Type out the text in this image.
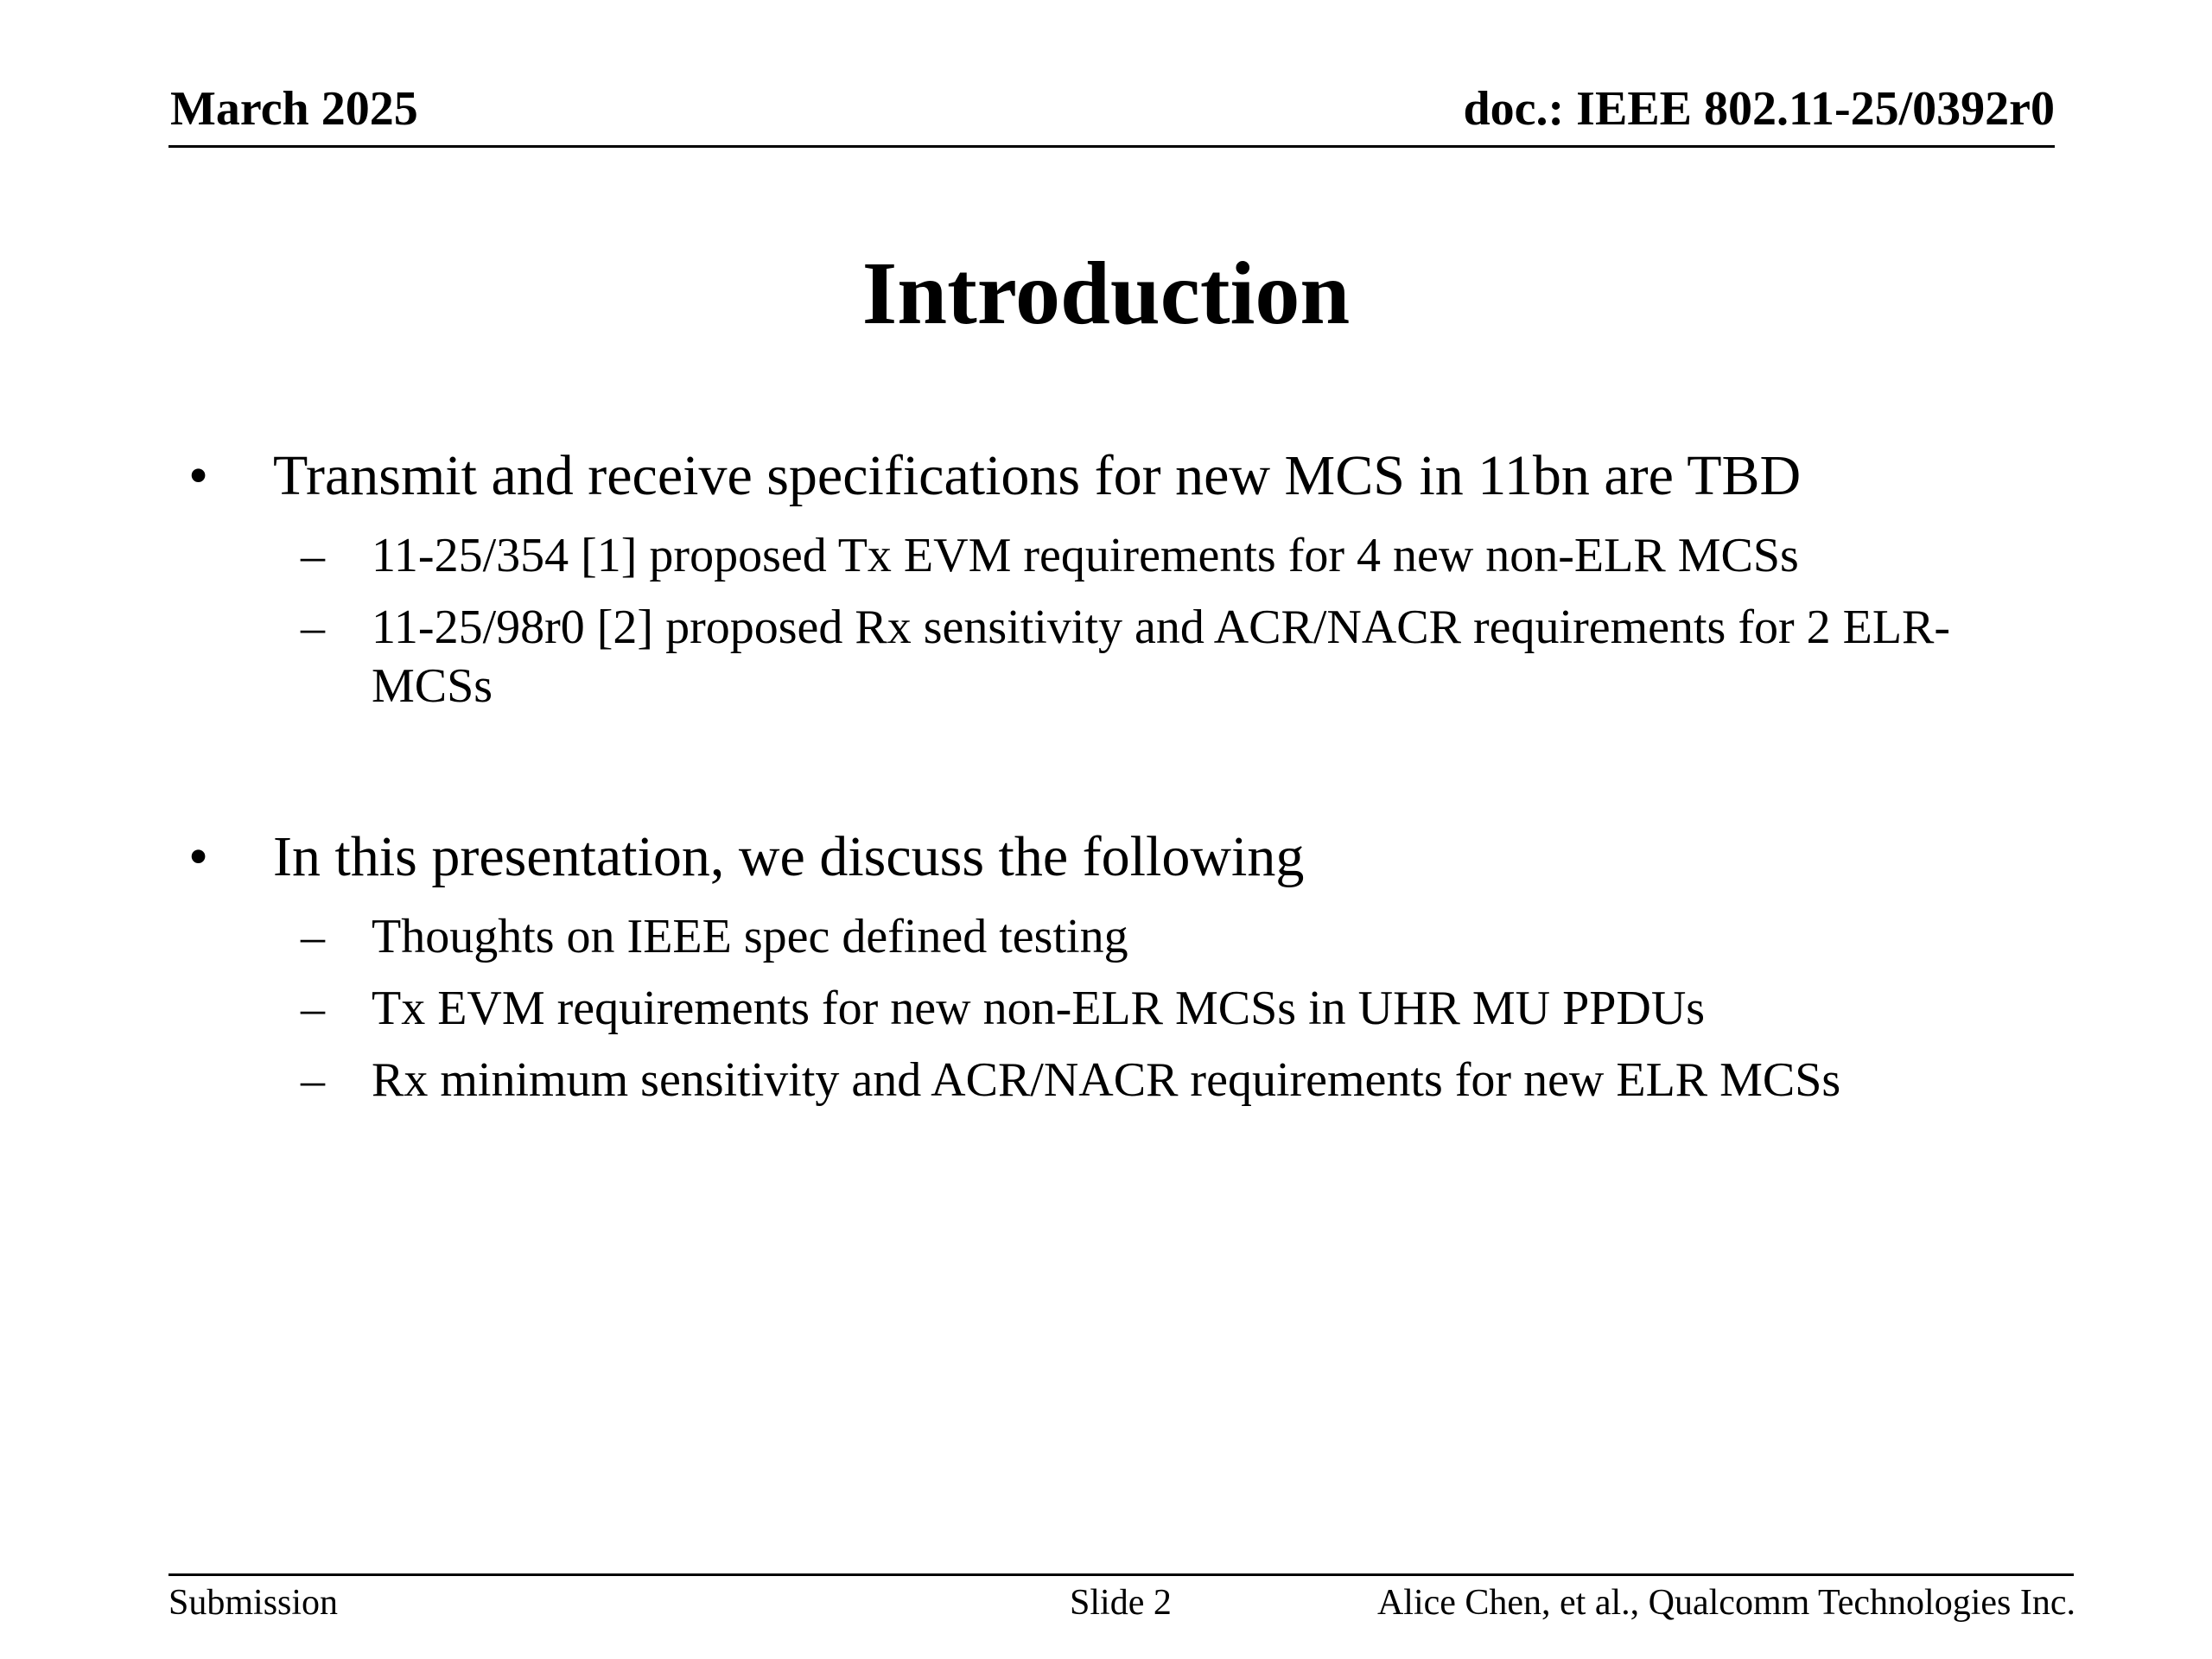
March 2025	doc.: IEEE 802.11-25/0392r0
Introduction
• Transmit and receive specifications for new MCS in 11bn are TBD
– 11-25/354 [1] proposed Tx EVM requirements for 4 new non-ELR MCSs
– 11-25/98r0 [2] proposed Rx sensitivity and ACR/NACR requirements for 2 ELR-MCSs
• In this presentation, we discuss the following
– Thoughts on IEEE spec defined testing
– Tx EVM requirements for new non-ELR MCSs in UHR MU PPDUs
– Rx minimum sensitivity and ACR/NACR requirements for new ELR MCSs
Submission	Slide 2	Alice Chen, et al., Qualcomm Technologies Inc.
